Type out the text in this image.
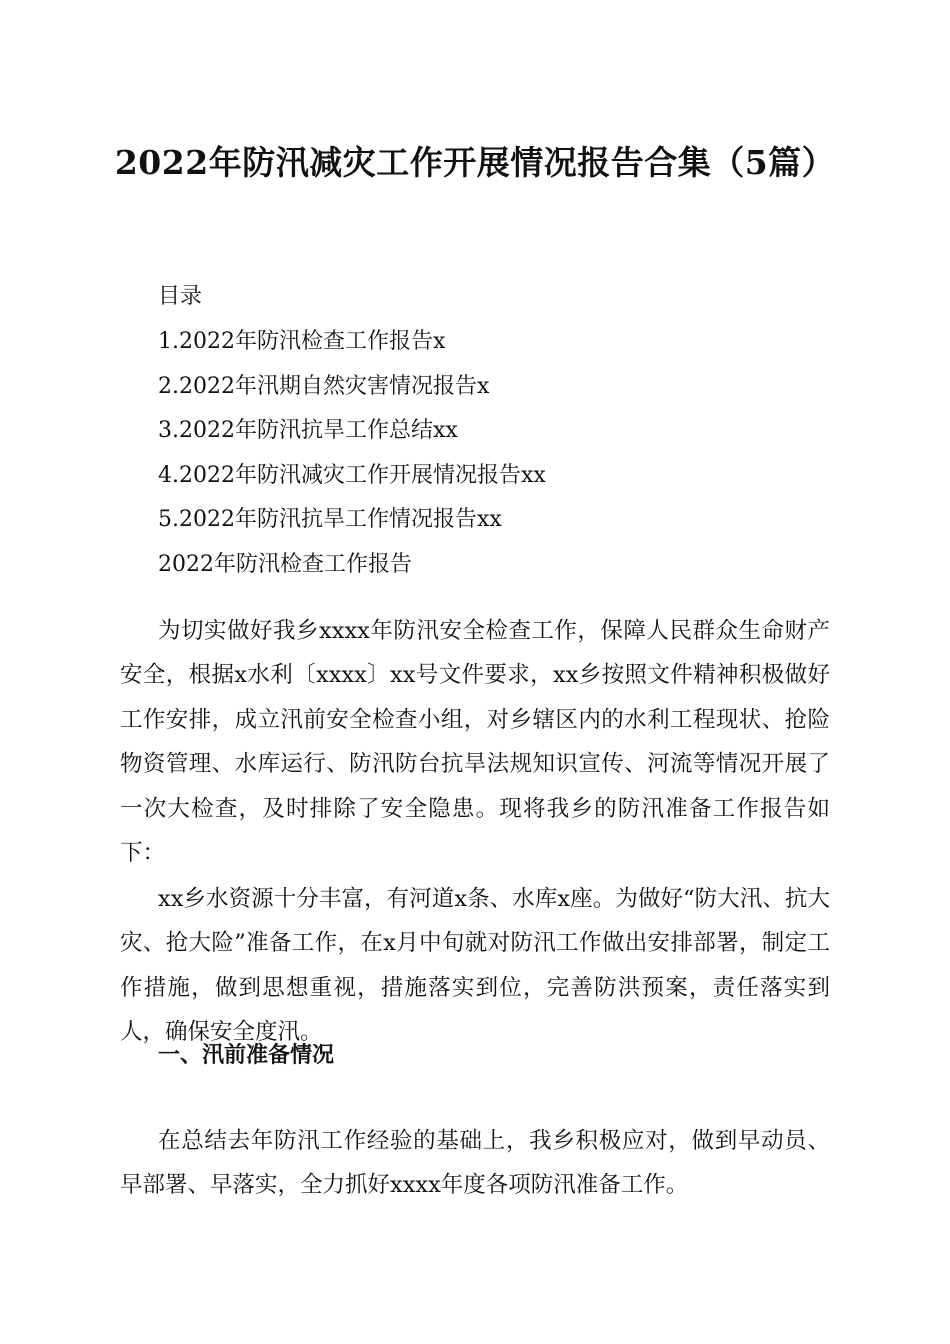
2022年防汛减灾工作开展情况报告合集（5篇）
目录
1.2022年防汛检查工作报告x
2.2022年汛期自然灾害情况报告x
3.2022年防汛抗旱工作总结xx
4.2022年防汛减灾工作开展情况报告xx
5.2022年防汛抗旱工作情况报告xx
2022年防汛检查工作报告

为切实做好我乡xxxx年防汛安全检查工作，保障人民群众生命财产安全，根据x水利〔xxxx〕xx号文件要求，xx乡按照文件精神积极做好工作安排，成立汛前安全检查小组，对乡辖区内的水利工程现状、抢险物资管理、水库运行、防汛防台抗旱法规知识宣传、河流等情况开展了一次大检查，及时排除了安全隐患。现将我乡的防汛准备工作报告如下：

xx乡水资源十分丰富，有河道x条、水库x座。为做好“防大汛、抗大灾、抢大险”准备工作，在x月中旬就对防汛工作做出安排部署，制定工作措施，做到思想重视，措施落实到位，完善防洪预案，责任落实到人，确保安全度汛。

一、汛前准备情况

在总结去年防汛工作经验的基础上，我乡积极应对，做到早动员、早部署、早落实，全力抓好xxxx年度各项防汛准备工作。
